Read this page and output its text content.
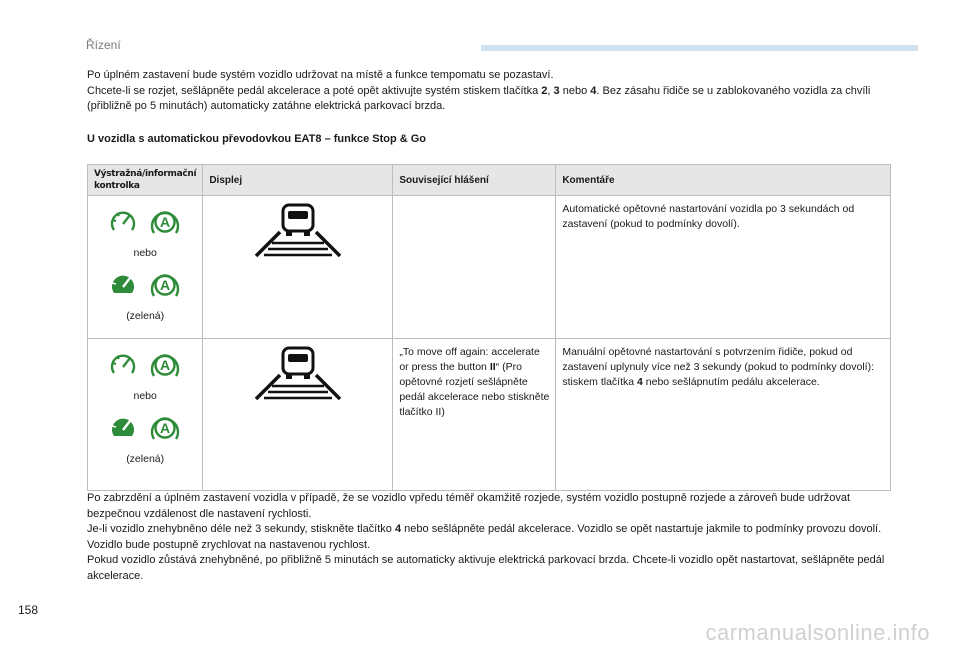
Řízení
Po úplném zastavení bude systém vozidlo udržovat na místě a funkce tempomatu se pozastaví.
Chcete-li se rozjet, sešlápněte pedál akcelerace a poté opět aktivujte systém stiskem tlačítka 2, 3 nebo 4. Bez zásahu řidiče se u zablokovaného vozidla za chvíli (přibližně po 5 minutách) automaticky zatáhne elektrická parkovací brzda.
U vozidla s automatickou převodovkou EAT8 – funkce Stop & Go
Výstražná/informační kontrolka	Displej	Související hlášení	Komentáře

A
nebo
A
(zelená)			Automatické opětovné nastartování vozidla po 3 sekundách od zastavení (pokud to podmínky dovolí).

A
nebo
A
(zelená)		„To move off again: accelerate or press the button II“ (Pro opětovné rozjetí sešlápněte pedál akcelerace nebo stiskněte tlačítko II)	Manuální opětovné nastartování s potvrzením řidiče, pokud od zastavení uplynuly více než 3 sekundy (pokud to podmínky dovolí): stiskem tlačítka 4 nebo sešlápnutím pedálu akcelerace.
Po zabrzdění a úplném zastavení vozidla v případě, že se vozidlo vpředu téměř okamžitě rozjede, systém vozidlo postupně rozjede a zároveň bude udržovat bezpečnou vzdálenost dle nastavení rychlosti.
Je-li vozidlo znehybněno déle než 3 sekundy, stiskněte tlačítko 4 nebo sešlápněte pedál akcelerace. Vozidlo se opět nastartuje jakmile to podmínky provozu dovolí. Vozidlo bude postupně zrychlovat na nastavenou rychlost.
Pokud vozidlo zůstává znehybněné, po přibližně 5 minutách se automaticky aktivuje elektrická parkovací brzda. Chcete-li vozidlo opět nastartovat, sešlápněte pedál akcelerace.
158
carmanualsonline.info
